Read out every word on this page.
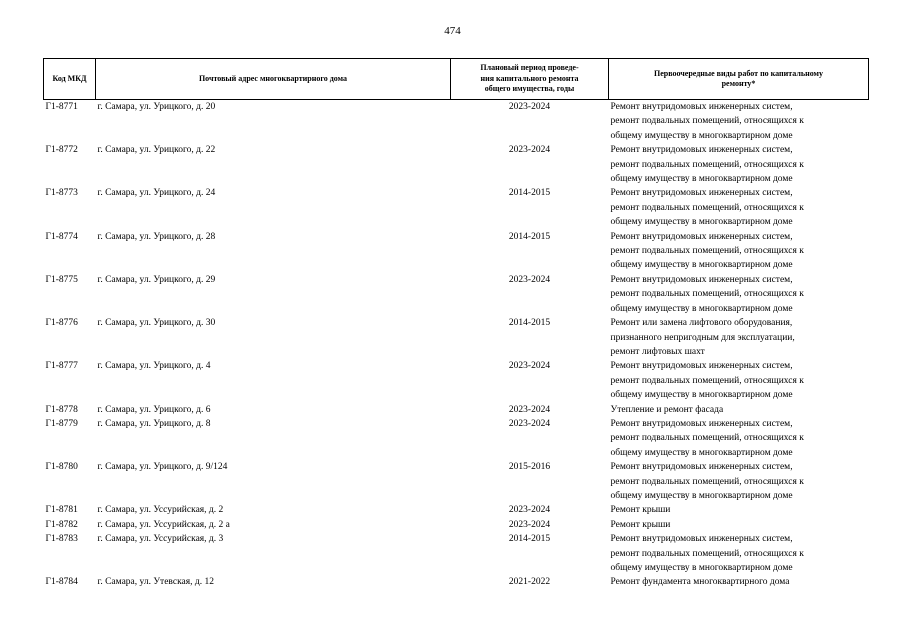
474
Код МКД	Почтовый адрес многоквартирного дома	Плановый период проведе-
ния капитального ремонта
общего имущества, годы	Первоочередные виды работ по капитальному
ремонту*

Г1-8771	г. Самара, ул. Урицкого, д. 20	2023-2024	Ремонт внутридомовых инженерных систем,
ремонт подвальных помещений, относящихся к
общему имуществу в многоквартирном доме

Г1-8772	г. Самара, ул. Урицкого, д. 22	2023-2024	Ремонт внутридомовых инженерных систем,
ремонт подвальных помещений, относящихся к
общему имуществу в многоквартирном доме

Г1-8773	г. Самара, ул. Урицкого, д. 24	2014-2015	Ремонт внутридомовых инженерных систем,
ремонт подвальных помещений, относящихся к
общему имуществу в многоквартирном доме

Г1-8774	г. Самара, ул. Урицкого, д. 28	2014-2015	Ремонт внутридомовых инженерных систем,
ремонт подвальных помещений, относящихся к
общему имуществу в многоквартирном доме

Г1-8775	г. Самара, ул. Урицкого, д. 29	2023-2024	Ремонт внутридомовых инженерных систем,
ремонт подвальных помещений, относящихся к
общему имуществу в многоквартирном доме

Г1-8776	г. Самара, ул. Урицкого, д. 30	2014-2015	Ремонт или замена лифтового оборудования,
признанного непригодным для эксплуатации,
ремонт лифтовых шахт

Г1-8777	г. Самара, ул. Урицкого, д. 4	2023-2024	Ремонт внутридомовых инженерных систем,
ремонт подвальных помещений, относящихся к
общему имуществу в многоквартирном доме

Г1-8778	г. Самара, ул. Урицкого, д. 6	2023-2024	Утепление и ремонт фасада

Г1-8779	г. Самара, ул. Урицкого, д. 8	2023-2024	Ремонт внутридомовых инженерных систем,
ремонт подвальных помещений, относящихся к
общему имуществу в многоквартирном доме

Г1-8780	г. Самара, ул. Урицкого, д. 9/124	2015-2016	Ремонт внутридомовых инженерных систем,
ремонт подвальных помещений, относящихся к
общему имуществу в многоквартирном доме

Г1-8781	г. Самара, ул. Уссурийская, д. 2	2023-2024	Ремонт крыши

Г1-8782	г. Самара, ул. Уссурийская, д. 2 а	2023-2024	Ремонт крыши

Г1-8783	г. Самара, ул. Уссурийская, д. 3	2014-2015	Ремонт внутридомовых инженерных систем,
ремонт подвальных помещений, относящихся к
общему имуществу в многоквартирном доме

Г1-8784	г. Самара, ул. Утевская, д. 12	2021-2022	Ремонт фундамента многоквартирного дома
